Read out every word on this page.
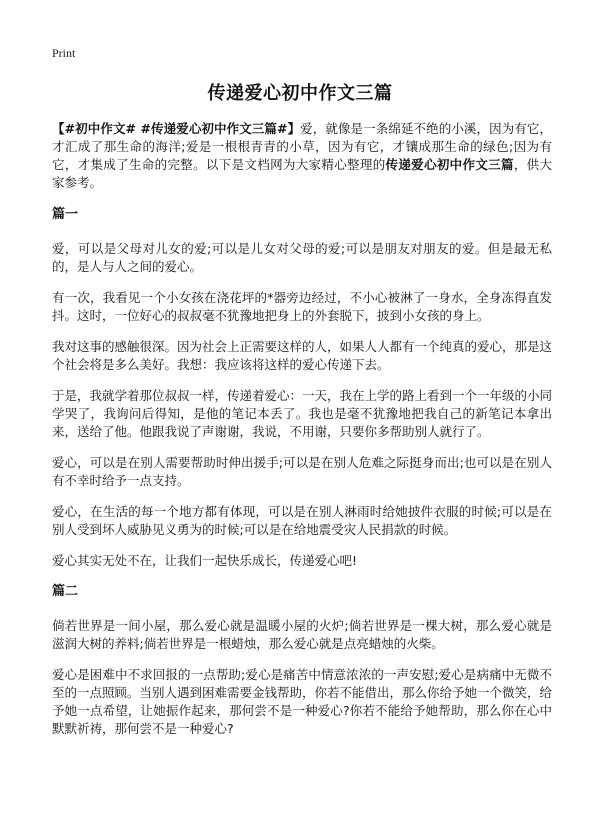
Print
传递爱心初中作文三篇

【#初中作文# #传递爱心初中作文三篇#】爱，就像是一条绵延不绝的小溪，因为有它，才汇成了那生命的海洋;爱是一根根青青的小草，因为有它，才镶成那生命的绿色;因为有它，才集成了生命的完整。以下是文档网为大家精心整理的传递爱心初中作文三篇，供大家参考。

篇一

爱，可以是父母对儿女的爱;可以是儿女对父母的爱;可以是朋友对朋友的爱。但是最无私的，是人与人之间的爱心。

有一次，我看见一个小女孩在浇花坪的*器旁边经过，不小心被淋了一身水，全身冻得直发抖。这时，一位好心的叔叔毫不犹豫地把身上的外套脱下，披到小女孩的身上。

我对这事的感触很深。因为社会上正需要这样的人，如果人人都有一个纯真的爱心，那是这个社会将是多么美好。我想：我应该将这样的爱心传递下去。

于是，我就学着那位叔叔一样，传递着爱心：一天，我在上学的路上看到一个一年级的小同学哭了，我询问后得知，是他的笔记本丢了。我也是毫不犹豫地把我自己的新笔记本拿出来，送给了他。他跟我说了声谢谢，我说，不用谢，只要你多帮助别人就行了。

爱心，可以是在别人需要帮助时伸出援手;可以是在别人危难之际挺身而出;也可以是在别人有不幸时给予一点支持。

爱心，在生活的每一个地方都有体现，可以是在别人淋雨时给她披件衣服的时候;可以是在别人受到坏人威胁见义勇为的时候;可以是在给地震受灾人民捐款的时候。

爱心其实无处不在，让我们一起快乐成长，传递爱心吧!

篇二

倘若世界是一间小屋，那么爱心就是温暖小屋的火炉;倘若世界是一棵大树，那么爱心就是滋润大树的养料;倘若世界是一根蜡烛，那么爱心就是点亮蜡烛的火柴。

爱心是困难中不求回报的一点帮助;爱心是痛苦中情意浓浓的一声安慰;爱心是病痛中无微不至的一点照顾。当别人遇到困难需要金钱帮助，你若不能借出，那么你给予她一个微笑，给予她一点希望，让她振作起来，那何尝不是一种爱心?你若不能给予她帮助，那么你在心中默默祈祷，那何尝不是一种爱心?
